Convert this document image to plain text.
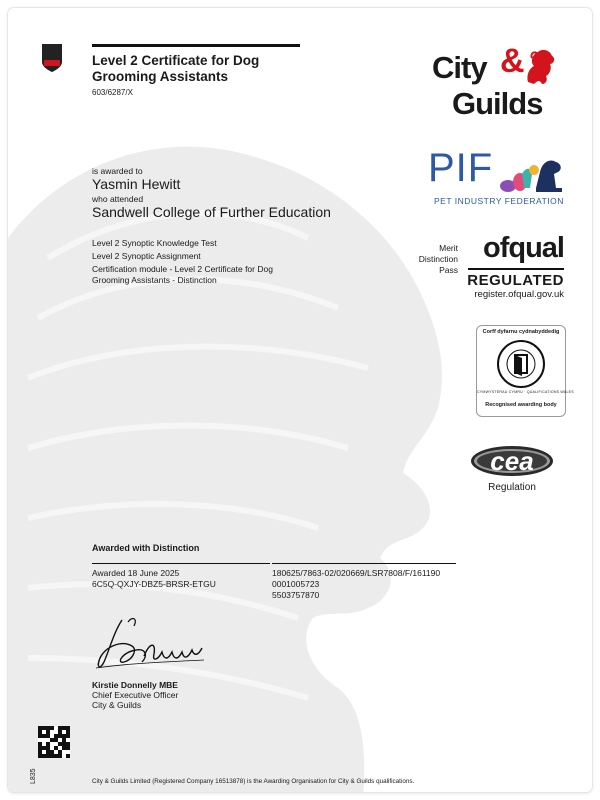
Level 2 Certificate for Dog
Grooming Assistants
603/6287/X
City &
Guilds
PIF
PET INDUSTRY FEDERATION
Merit
Distinction
Pass
ofqual
REGULATED
register.ofqual.gov.uk
is awarded to
Yasmin Hewitt
who attended
Sandwell College of Further Education
Level 2 Synoptic Knowledge Test
Level 2 Synoptic Assignment
Certification module - Level 2 Certificate for Dog
Grooming Assistants - Distinction
Corff dyfarnu cydnabyddedig
CYMWYSTERAU CYMRU · QUALIFICATIONS WALES
Recognised awarding body
cea
Regulation
Awarded with Distinction
Awarded 18 June 2025
6C5Q-QXJY-DBZ5-BRSR-ETGU
180625/7863-02/020669/LSR7808/F/161190
0001005723
5503757870
Kirstie Donnelly MBE
Chief Executive Officer
City & Guilds
L835	City & Guilds Limited (Registered Company 16513878) is the Awarding Organisation for City & Guilds qualifications.
